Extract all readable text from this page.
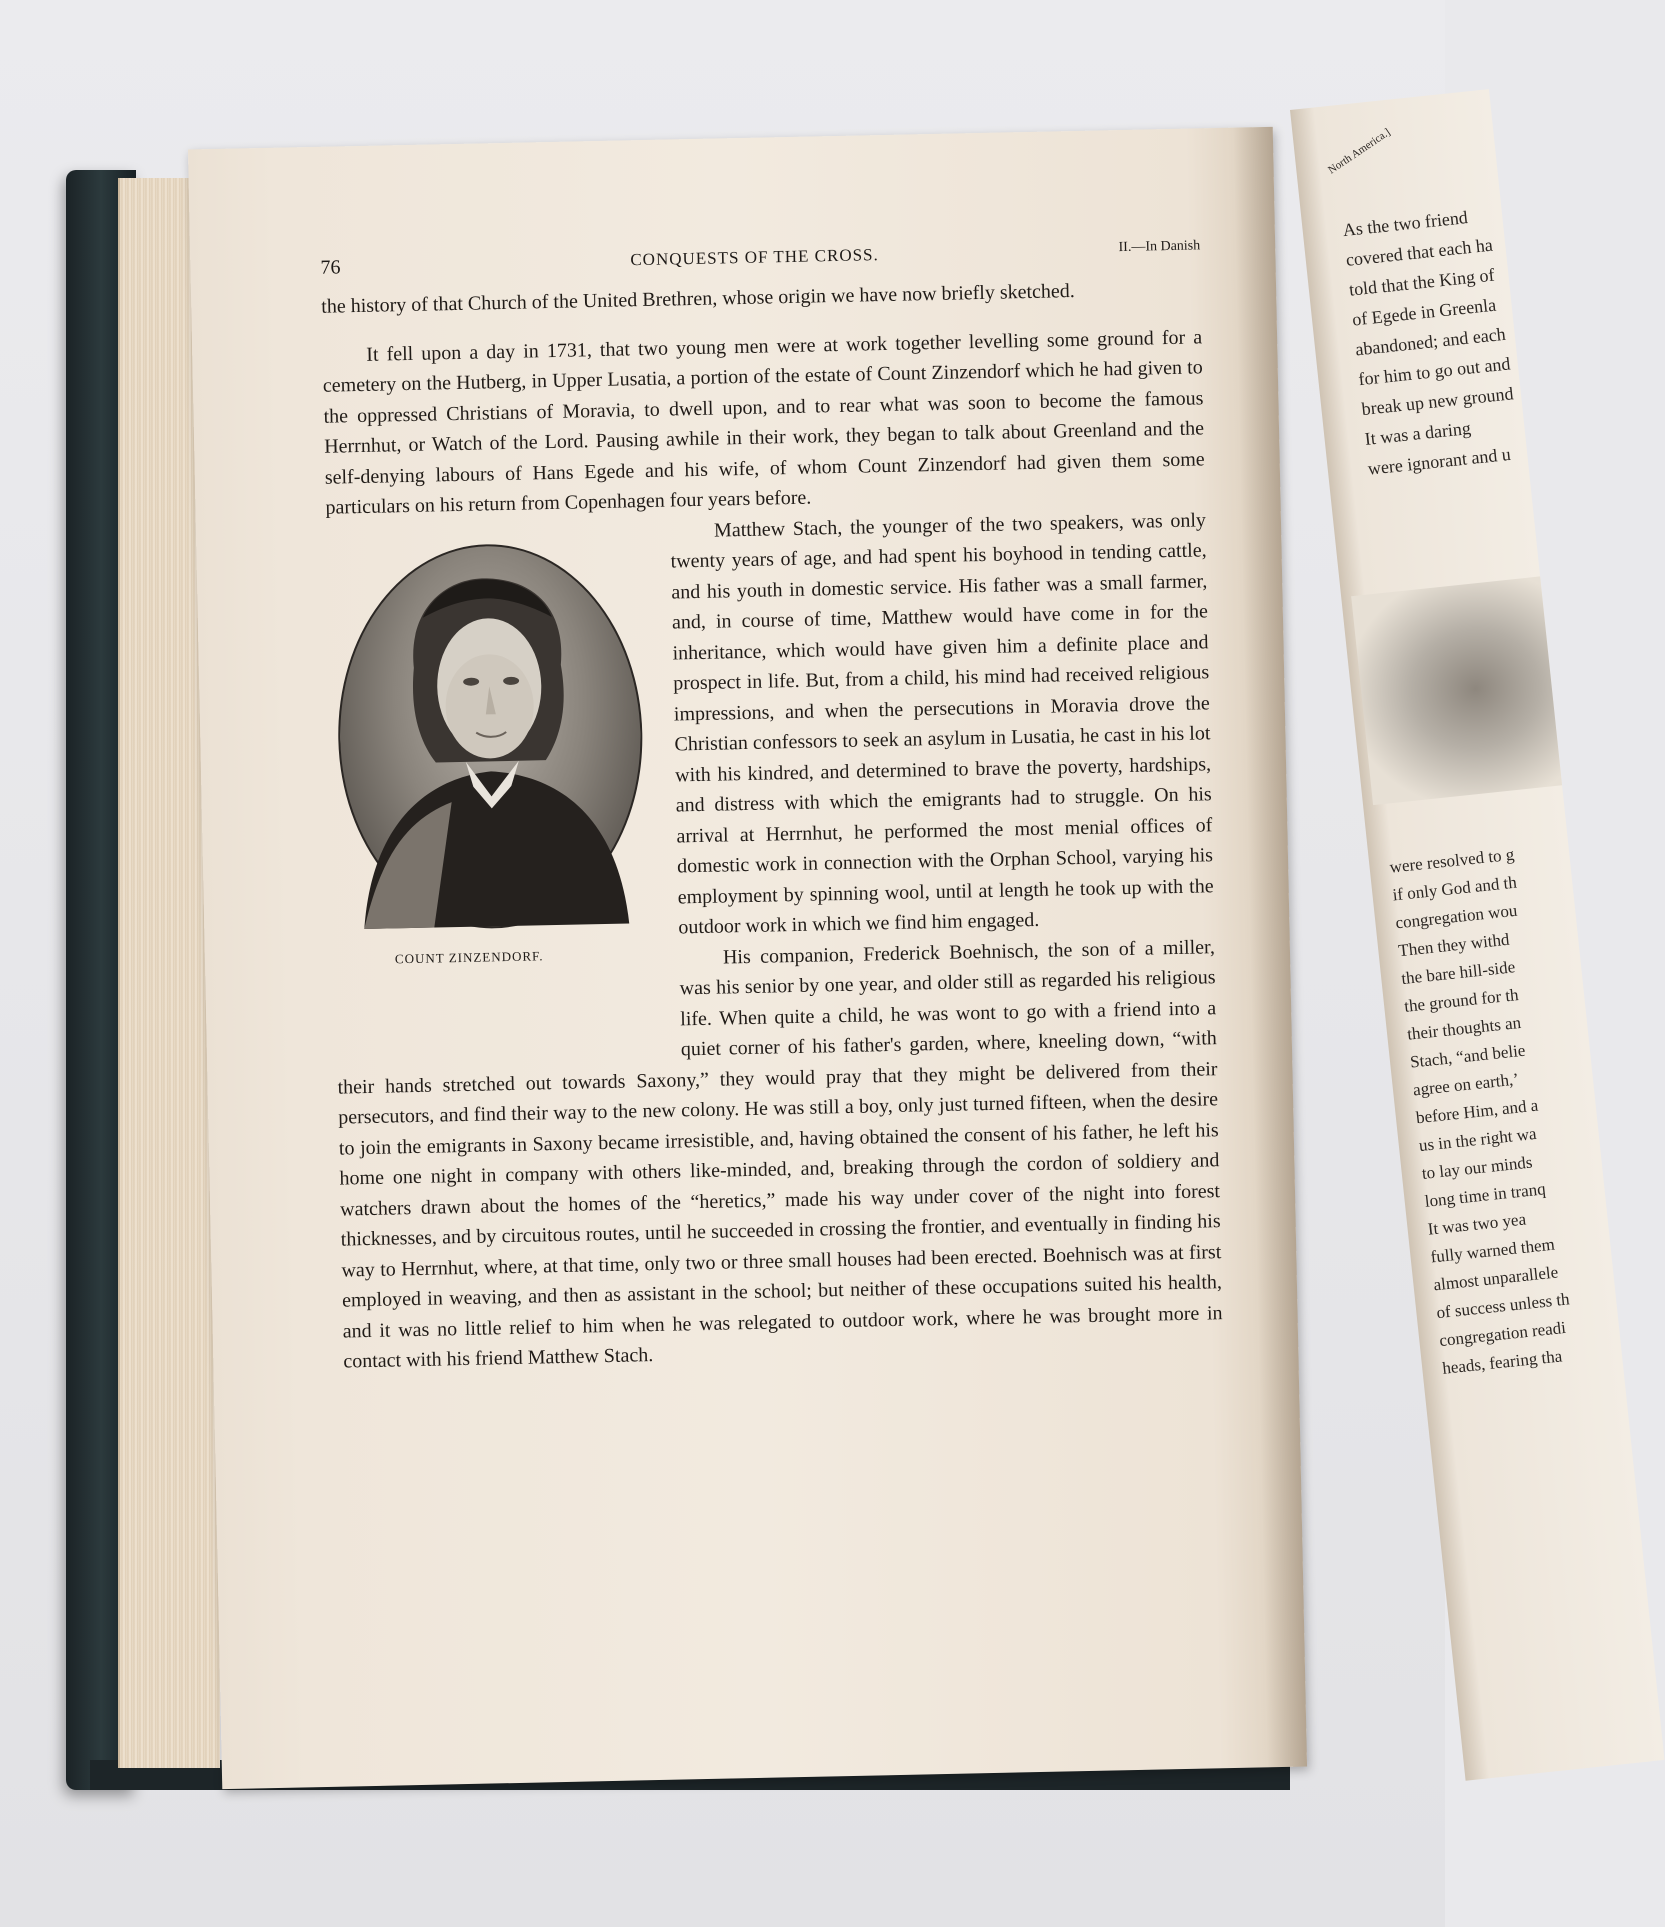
North America.]
As the two friend
covered that each ha
told that the King of
of Egede in Greenla
abandoned; and each
for him to go out and
break up new ground
It was a daring
were ignorant and u
were resolved to g
if only God and th
congregation wou
Then they withd
the bare hill-side
the ground for th
their thoughts an
Stach, “and belie
agree on earth,’
before Him, and a
us in the right wa
to lay our minds
long time in tranq
It was two yea
fully warned them
almost unparallele
of success unless th
congregation readi
heads, fearing tha
76	CONQUESTS OF THE CROSS.	II.—In Danish

the history of that Church of the United Brethren, whose origin we have now briefly sketched.

It fell upon a day in 1731, that two young men were at work together levelling some ground for a cemetery on the Hutberg, in Upper Lusatia, a portion of the estate of Count Zinzendorf which he had given to the oppressed Christians of Moravia, to dwell upon, and to rear what was soon to become the famous Herrnhut, or Watch of the Lord. Pausing awhile in their work, they began to talk about Greenland and the self-denying labours of Hans Egede and his wife, of whom Count Zinzendorf had given them some particulars on his return from Copenhagen four years before.

COUNT ZINZENDORF.

Matthew Stach, the younger of the two speakers, was only twenty years of age, and had spent his boyhood in tending cattle, and his youth in domestic service. His father was a small farmer, and, in course of time, Matthew would have come in for the inheritance, which would have given him a definite place and prospect in life. But, from a child, his mind had received religious impressions, and when the persecutions in Moravia drove the Christian confessors to seek an asylum in Lusatia, he cast in his lot with his kindred, and determined to brave the poverty, hardships, and distress with which the emigrants had to struggle. On his arrival at Herrnhut, he performed the most menial offices of domestic work in connection with the Orphan School, varying his employment by spinning wool, until at length he took up with the outdoor work in which we find him engaged.

His companion, Frederick Boehnisch, the son of a miller, was his senior by one year, and older still as regarded his religious life. When quite a child, he was wont to go with a friend into a quiet corner of his father's garden, where, kneeling down, “with their hands stretched out towards Saxony,” they would pray that they might be delivered from their persecutors, and find their way to the new colony. He was still a boy, only just turned fifteen, when the desire to join the emigrants in Saxony became irresistible, and, having obtained the consent of his father, he left his home one night in company with others like-minded, and, breaking through the cordon of soldiery and watchers drawn about the homes of the “heretics,” made his way under cover of the night into forest thicknesses, and by circuitous routes, until he succeeded in crossing the frontier, and eventually in finding his way to Herrnhut, where, at that time, only two or three small houses had been erected. Boehnisch was at first employed in weaving, and then as assistant in the school; but neither of these occupations suited his health, and it was no little relief to him when he was relegated to outdoor work, where he was brought more in contact with his friend Matthew Stach.
